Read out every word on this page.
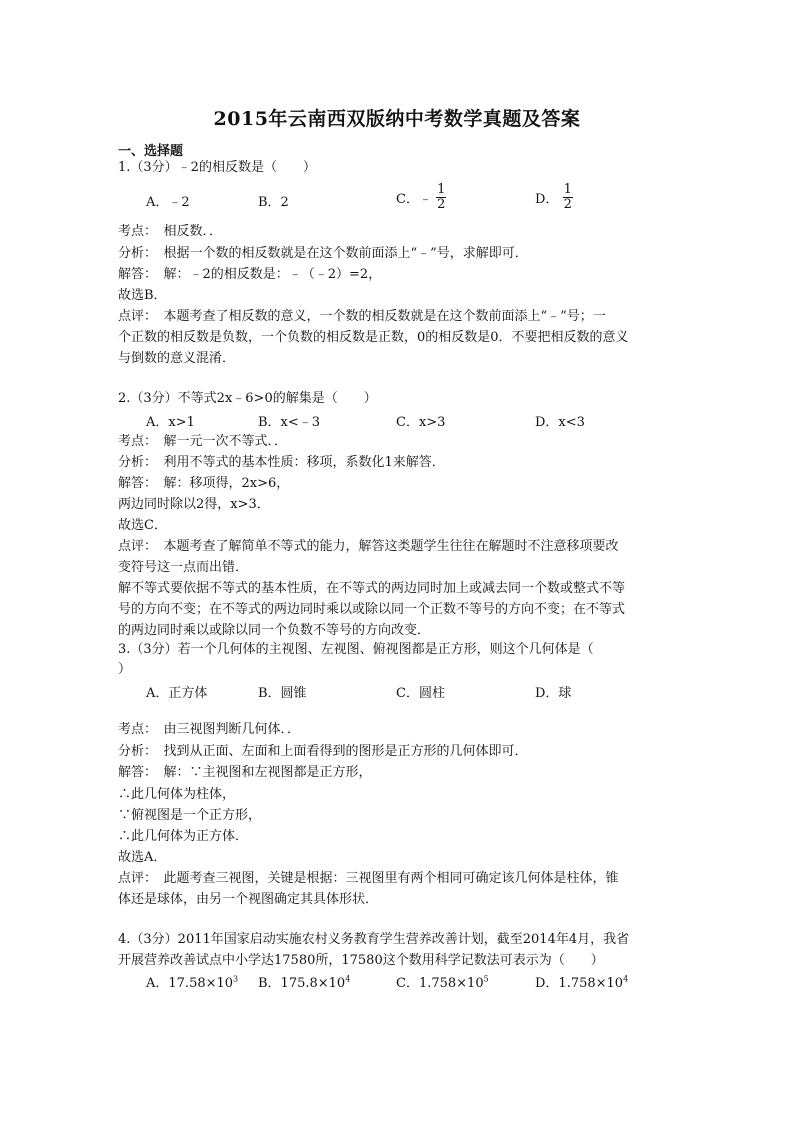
2015年云南西双版纳中考数学真题及答案
一、选择题
1.（3分）﹣2的相反数是（　　）
A．﹣2	B．2	C．﹣ $\frac{1}{2}$	D． $\frac{1}{2}$
考点：　相反数．．
分析：　根据一个数的相反数就是在这个数前面添上“﹣”号，求解即可．
解答：　解：﹣2的相反数是：﹣（﹣2）=2，
故选B．
点评：　本题考查了相反数的意义，一个数的相反数就是在这个数前面添上“﹣”号；一
个正数的相反数是负数，一个负数的相反数是正数，0的相反数是0．不要把相反数的意义
与倒数的意义混淆．
2.（3分）不等式2x﹣6>0的解集是（　　）
A．x>1	B．x<﹣3	C．x>3	D．x<3
考点：　解一元一次不等式．．
分析：　利用不等式的基本性质：移项，系数化1来解答．
解答：　解：移项得，2x>6，
两边同时除以2得，x>3．
故选C．
点评：　本题考查了解简单不等式的能力，解答这类题学生往往在解题时不注意移项要改
变符号这一点而出错．
解不等式要依据不等式的基本性质，在不等式的两边同时加上或减去同一个数或整式不等
号的方向不变；在不等式的两边同时乘以或除以同一个正数不等号的方向不变；在不等式
的两边同时乘以或除以同一个负数不等号的方向改变．
3.（3分）若一个几何体的主视图、左视图、俯视图都是正方形，则这个几何体是（
）
A．正方体	B．圆锥	C．圆柱	D．球
考点：　由三视图判断几何体．．
分析：　找到从正面、左面和上面看得到的图形是正方形的几何体即可．
解答：　解：∵主视图和左视图都是正方形，
∴此几何体为柱体，
∵俯视图是一个正方形，
∴此几何体为正方体．
故选A．
点评：　此题考查三视图，关键是根据：三视图里有两个相同可确定该几何体是柱体，锥
体还是球体，由另一个视图确定其具体形状．
4.（3分）2011年国家启动实施农村义务教育学生营养改善计划，截至2014年4月，我省
开展营养改善试点中小学达17580所，17580这个数用科学记数法可表示为（　　）
A．$17.58\times 10^3$ B．$175.8\times 10^4$	C．$1.758\times 10^5$	D．$1.758\times 10^4$
